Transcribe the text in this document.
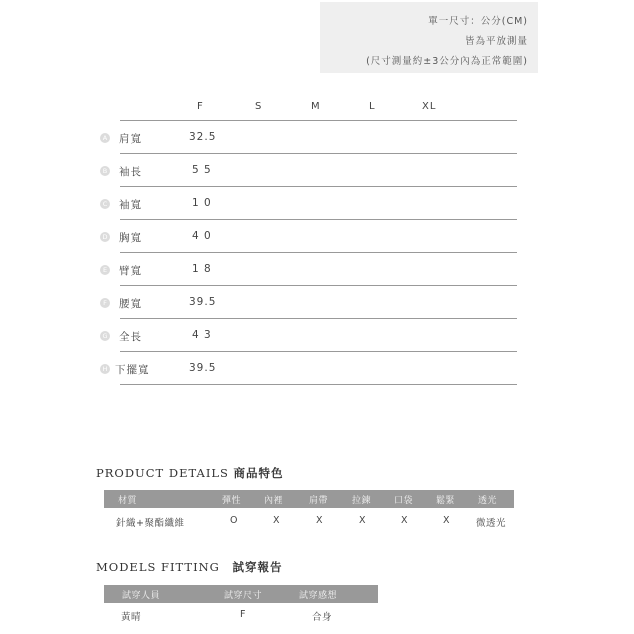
單一尺寸：公分(CM)
皆為平放測量
(尺寸測量約±3公分內為正常範圍)
F	S	M	L	XL
A 肩寬	32.5
B 袖長	5 5
C 袖寬	1 0
D 胸寬	4 0
E 臂寬	1 8
F 腰寬	39.5
G 全長	4 3
H 下擺寬	39.5
PRODUCT DETAILS 商品特色
材質	彈性	內裡	肩帶	拉鍊	口袋	鬆緊	透光
針織+聚酯纖維	O	X	X	X	X	X	微透光
MODELS FITTING 試穿報告
試穿人員	試穿尺寸	試穿感想
黃晴	F	合身
